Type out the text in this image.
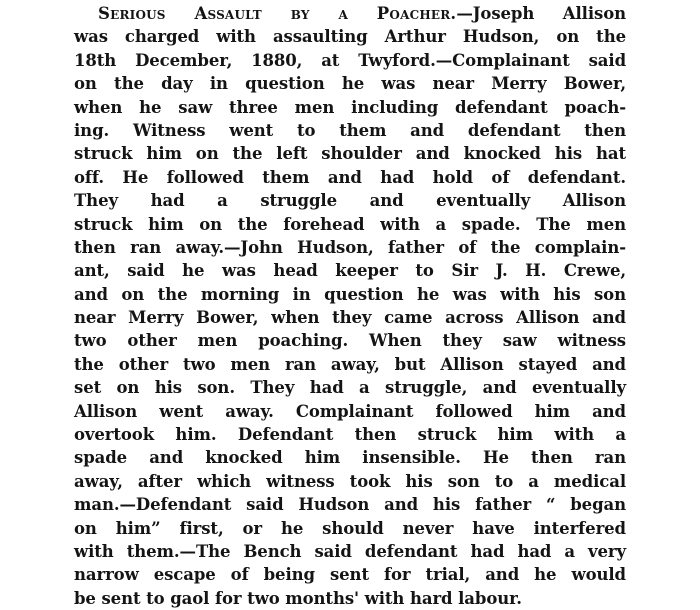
Serious Assault by a Poacher.—Joseph Allison
was charged with assaulting Arthur Hudson, on the
18th December, 1880, at Twyford.—Complainant said
on the day in question he was near Merry Bower,
when he saw three men including defendant poach-
ing. Witness went to them and defendant then
struck him on the left shoulder and knocked his hat
off. He followed them and had hold of defendant.
They had a struggle and eventually Allison
struck him on the forehead with a spade. The men
then ran away.—John Hudson, father of the complain-
ant, said he was head keeper to Sir J. H. Crewe,
and on the morning in question he was with his son
near Merry Bower, when they came across Allison and
two other men poaching. When they saw witness
the other two men ran away, but Allison stayed and
set on his son. They had a struggle, and eventually
Allison went away. Complainant followed him and
overtook him. Defendant then struck him with a
spade and knocked him insensible. He then ran
away, after which witness took his son to a medical
man.—Defendant said Hudson and his father “ began
on him” first, or he should never have interfered
with them.—The Bench said defendant had had a very
narrow escape of being sent for trial, and he would
be sent to gaol for two months' with hard labour.
